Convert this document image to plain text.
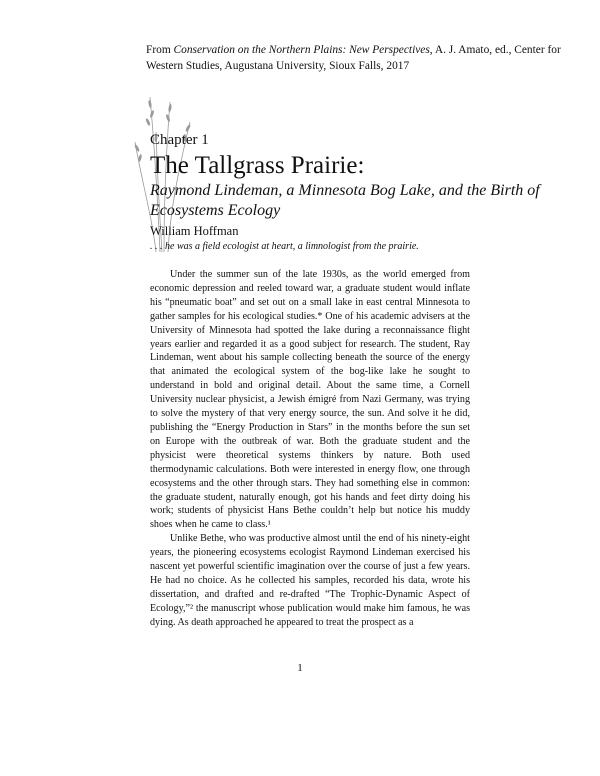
From Conservation on the Northern Plains: New Perspectives, A. J. Amato, ed., Center for Western Studies, Augustana University, Sioux Falls, 2017
Chapter 1
The Tallgrass Prairie:
Raymond Lindeman, a Minnesota Bog Lake, and the Birth of Ecosystems Ecology
William Hoffman
. . . he was a field ecologist at heart, a limnologist from the prairie.

Under the summer sun of the late 1930s, as the world emerged from economic depression and reeled toward war, a graduate student would inflate his “pneumatic boat” and set out on a small lake in east central Minnesota to gather samples for his ecological studies.* One of his academic advisers at the University of Minnesota had spotted the lake during a reconnaissance flight years earlier and regarded it as a good subject for research. The student, Ray Lindeman, went about his sample collecting beneath the source of the energy that animated the ecological system of the bog-like lake he sought to understand in bold and original detail. About the same time, a Cornell University nuclear physicist, a Jewish émigré from Nazi Germany, was trying to solve the mystery of that very energy source, the sun. And solve it he did, publishing the “Energy Production in Stars” in the months before the sun set on Europe with the outbreak of war. Both the graduate student and the physicist were theoretical systems thinkers by nature. Both used thermodynamic calculations. Both were interested in energy flow, one through ecosystems and the other through stars. They had something else in common: the graduate student, naturally enough, got his hands and feet dirty doing his work; students of physicist Hans Bethe couldn’t help but notice his muddy shoes when he came to class.¹

Unlike Bethe, who was productive almost until the end of his ninety-eight years, the pioneering ecosystems ecologist Raymond Lindeman exercised his nascent yet powerful scientific imagination over the course of just a few years. He had no choice. As he collected his samples, recorded his data, wrote his dissertation, and drafted and re-drafted “The Trophic-Dynamic Aspect of Ecology,”² the manuscript whose publication would make him famous, he was dying. As death approached he appeared to treat the prospect as a

1
